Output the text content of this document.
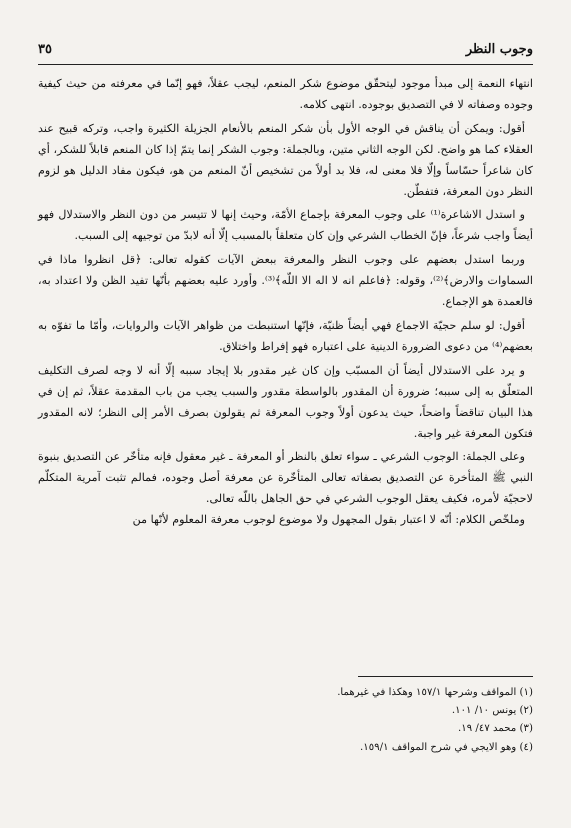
وجوب النظر
٣٥

انتهاء النعمة إلى مبدأ موجود ليتحقّق موضوع شكر المنعم، ليجب عقلاً، فهو إنّما في معرفته من حيث كيفية وجوده وصفاته لا في التصديق بوجوده. انتهى كلامه.

أقول: ويمكن أن يناقش في الوجه الأول بأن شكر المنعم بالأنعام الجزيلة الكثيرة واجب، وتركه قبيح عند العقلاء كما هو واضح. لكن الوجه الثاني متين، وبالجملة: وجوب الشكر إنما يتمّ إذا كان المنعم قابلاً للشكر، أي كان شاعراً حسّاساً وإلّا فلا معنى له، فلا بد أولاً من تشخيص أنّ المنعم من هو، فيكون مفاد الدليل هو لزوم النظر دون المعرفة، فتفطّن.

و استدل الاشاعرة⁽¹⁾ على وجوب المعرفة بإجماع الأمّة، وحيث إنها لا تتيسر من دون النظر والاستدلال فهو أيضاً واجب شرعاً، فإنّ الخطاب الشرعي وإن كان متعلقاً بالمسبب إلّا أنه لابدّ من توجيهه إلى السبب.

وربما استدل بعضهم على وجوب النظر والمعرفة ببعض الآيات كقوله تعالى: ﴿قل انظروا ماذا في السماوات والارض﴾⁽²⁾، وقوله: ﴿فاعلم انه لا اله الا اللّه﴾⁽³⁾. وأورد عليه بعضهم بأنّها تفيد الظن ولا اعتداد به، فالعمدة هو الإجماع.

أقول: لو سلم حجيّة الاجماع فهي أيضاً ظنيّة، فإنّها استنبطت من ظواهر الآيات والروايات، وأمّا ما تفوّه به بعضهم⁽⁴⁾ من دعوى الضرورة الدينية على اعتباره فهو إفراط واختلاق.

و يرد على الاستدلال أيضاً أن المسبّب وإن كان غير مقدور بلا إيجاد سببه إلّا أنه لا وجه لصرف التكليف المتعلّق به إلى سببه؛ ضرورة أن المقدور بالواسطة مقدور والسبب يجب من باب المقدمة عقلاً، ثم إن في هذا البيان تناقضاً واضحاً، حيث يدعون أولاً وجوب المعرفة ثم يقولون بصرف الأمر إلى النظر؛ لانه المقدور فتكون المعرفة غير واجبة.

وعلى الجملة: الوجوب الشرعي ـ سواء تعلق بالنظر أو المعرفة ـ غير معقول فإنه متأخّر عن التصديق بنبوة النبي ﷺ المتأخرة عن التصديق بصفاته تعالى المتأخّرة عن معرفة أصل وجوده، فمالم تثبت آمرية المتكلّم لاحجيّة لأمره، فكيف يعقل الوجوب الشرعي في حق الجاهل باللّه تعالى.

وملخّص الكلام: أنّه لا اعتبار بقول المجهول ولا موضوع لوجوب معرفة المعلوم لأنّها من

(١) المواقف وشرحها ١٥٧/١ وهكذا في غيرهما.
(٢) يونس ١٠/ ١٠١.
(٣) محمد ٤٧/ ١٩.
(٤) وهو الايجي في شرح المواقف ١٥٩/١.
